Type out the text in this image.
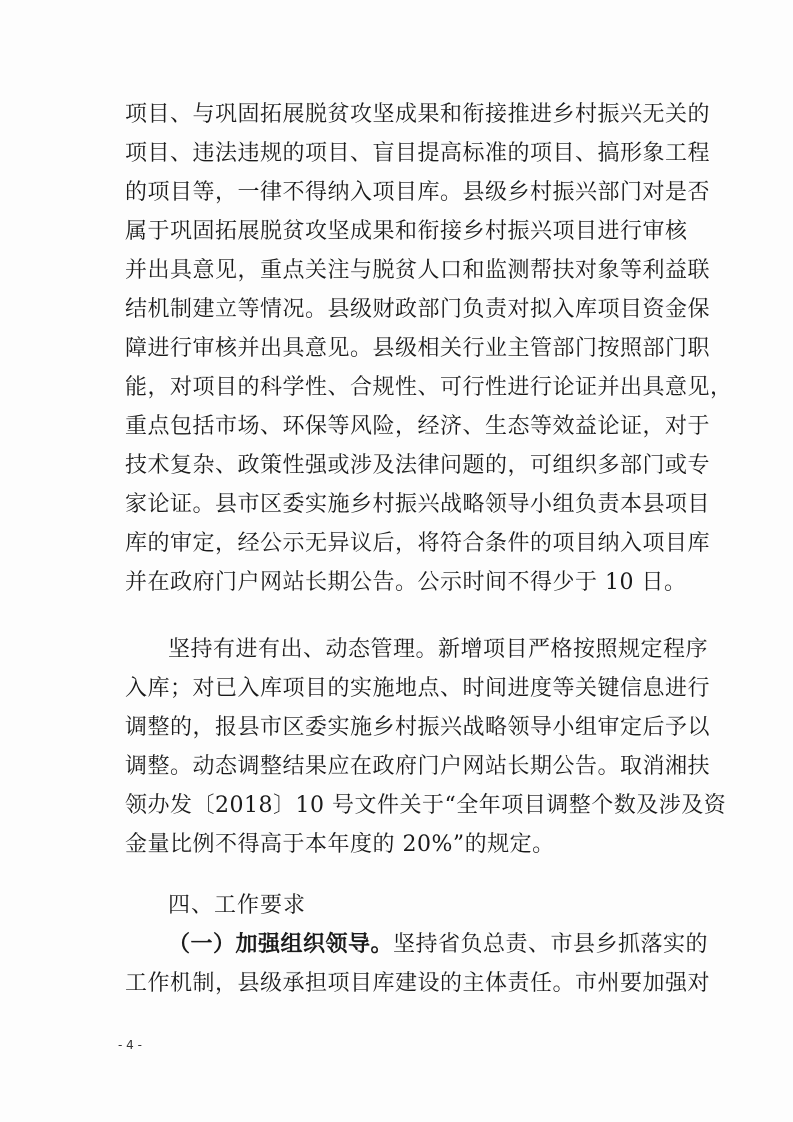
项目、与巩固拓展脱贫攻坚成果和衔接推进乡村振兴无关的
项目、违法违规的项目、盲目提高标准的项目、搞形象工程
的项目等，一律不得纳入项目库。县级乡村振兴部门对是否
属于巩固拓展脱贫攻坚成果和衔接乡村振兴项目进行审核
并出具意见，重点关注与脱贫人口和监测帮扶对象等利益联
结机制建立等情况。县级财政部门负责对拟入库项目资金保
障进行审核并出具意见。县级相关行业主管部门按照部门职
能，对项目的科学性、合规性、可行性进行论证并出具意见，
重点包括市场、环保等风险，经济、生态等效益论证，对于
技术复杂、政策性强或涉及法律问题的，可组织多部门或专
家论证。县市区委实施乡村振兴战略领导小组负责本县项目
库的审定，经公示无异议后，将符合条件的项目纳入项目库
并在政府门户网站长期公告。公示时间不得少于 10 日。
坚持有进有出、动态管理。新增项目严格按照规定程序
入库；对已入库项目的实施地点、时间进度等关键信息进行
调整的，报县市区委实施乡村振兴战略领导小组审定后予以
调整。动态调整结果应在政府门户网站长期公告。取消湘扶
领办发〔2018〕10 号文件关于“全年项目调整个数及涉及资
金量比例不得高于本年度的 20%”的规定。
四、工作要求
（一）加强组织领导。坚持省负总责、市县乡抓落实的
工作机制，县级承担项目库建设的主体责任。市州要加强对
- 4 -
